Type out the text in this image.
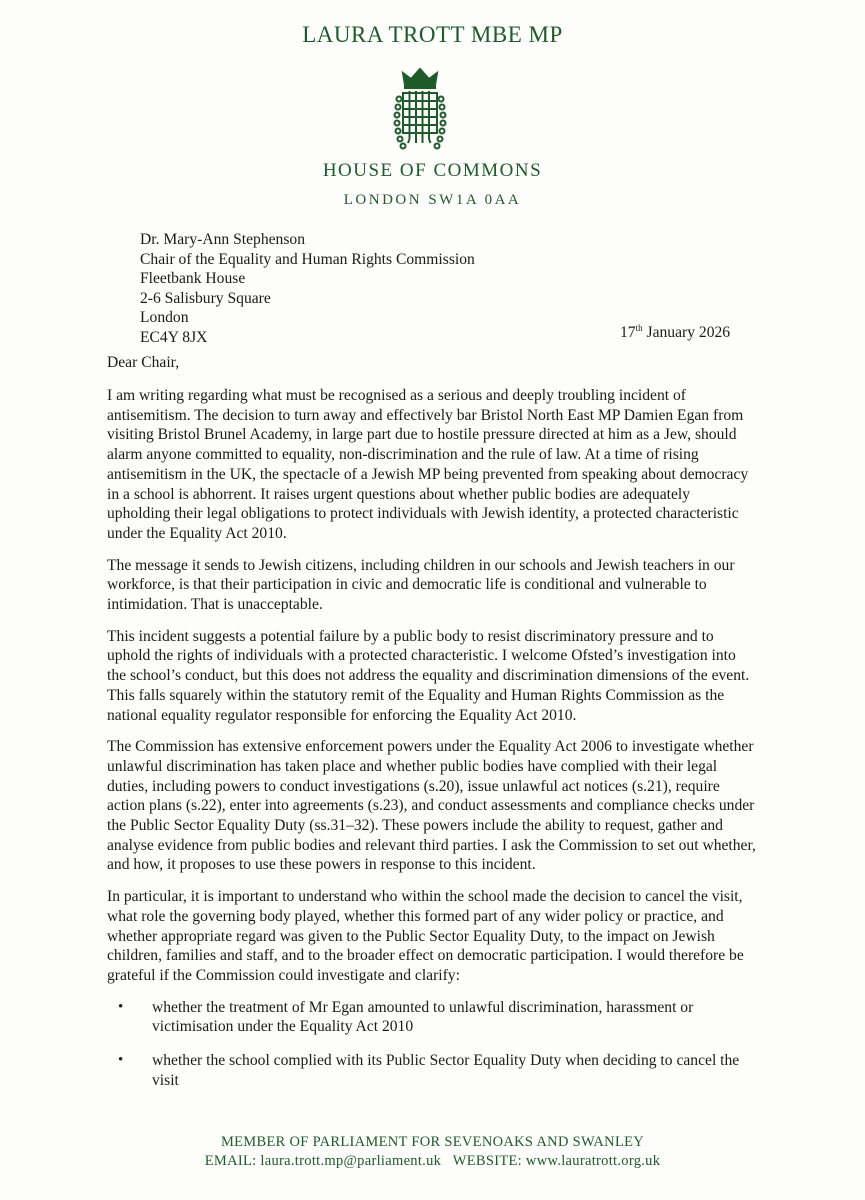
LAURA TROTT MBE MP
HOUSE OF COMMONS
LONDON SW1A 0AA
Dr. Mary-Ann Stephenson
Chair of the Equality and Human Rights Commission
Fleetbank House
2-6 Salisbury Square
London
EC4Y 8JX	17th January 2026
Dear Chair,

I am writing regarding what must be recognised as a serious and deeply troubling incident of antisemitism. The decision to turn away and effectively bar Bristol North East MP Damien Egan from visiting Bristol Brunel Academy, in large part due to hostile pressure directed at him as a Jew, should alarm anyone committed to equality, non-discrimination and the rule of law. At a time of rising antisemitism in the UK, the spectacle of a Jewish MP being prevented from speaking about democracy in a school is abhorrent. It raises urgent questions about whether public bodies are adequately upholding their legal obligations to protect individuals with Jewish identity, a protected characteristic under the Equality Act 2010.

The message it sends to Jewish citizens, including children in our schools and Jewish teachers in our workforce, is that their participation in civic and democratic life is conditional and vulnerable to intimidation. That is unacceptable.

This incident suggests a potential failure by a public body to resist discriminatory pressure and to uphold the rights of individuals with a protected characteristic. I welcome Ofsted’s investigation into the school’s conduct, but this does not address the equality and discrimination dimensions of the event. This falls squarely within the statutory remit of the Equality and Human Rights Commission as the national equality regulator responsible for enforcing the Equality Act 2010.

The Commission has extensive enforcement powers under the Equality Act 2006 to investigate whether unlawful discrimination has taken place and whether public bodies have complied with their legal duties, including powers to conduct investigations (s.20), issue unlawful act notices (s.21), require action plans (s.22), enter into agreements (s.23), and conduct assessments and compliance checks under the Public Sector Equality Duty (ss.31–32). These powers include the ability to request, gather and analyse evidence from public bodies and relevant third parties. I ask the Commission to set out whether, and how, it proposes to use these powers in response to this incident.

In particular, it is important to understand who within the school made the decision to cancel the visit, what role the governing body played, whether this formed part of any wider policy or practice, and whether appropriate regard was given to the Public Sector Equality Duty, to the impact on Jewish children, families and staff, and to the broader effect on democratic participation. I would therefore be grateful if the Commission could investigate and clarify:

• whether the treatment of Mr Egan amounted to unlawful discrimination, harassment or victimisation under the Equality Act 2010
• whether the school complied with its Public Sector Equality Duty when deciding to cancel the visit
MEMBER OF PARLIAMENT FOR SEVENOAKS AND SWANLEY
EMAIL: laura.trott.mp@parliament.uk WEBSITE: www.lauratrott.org.uk
